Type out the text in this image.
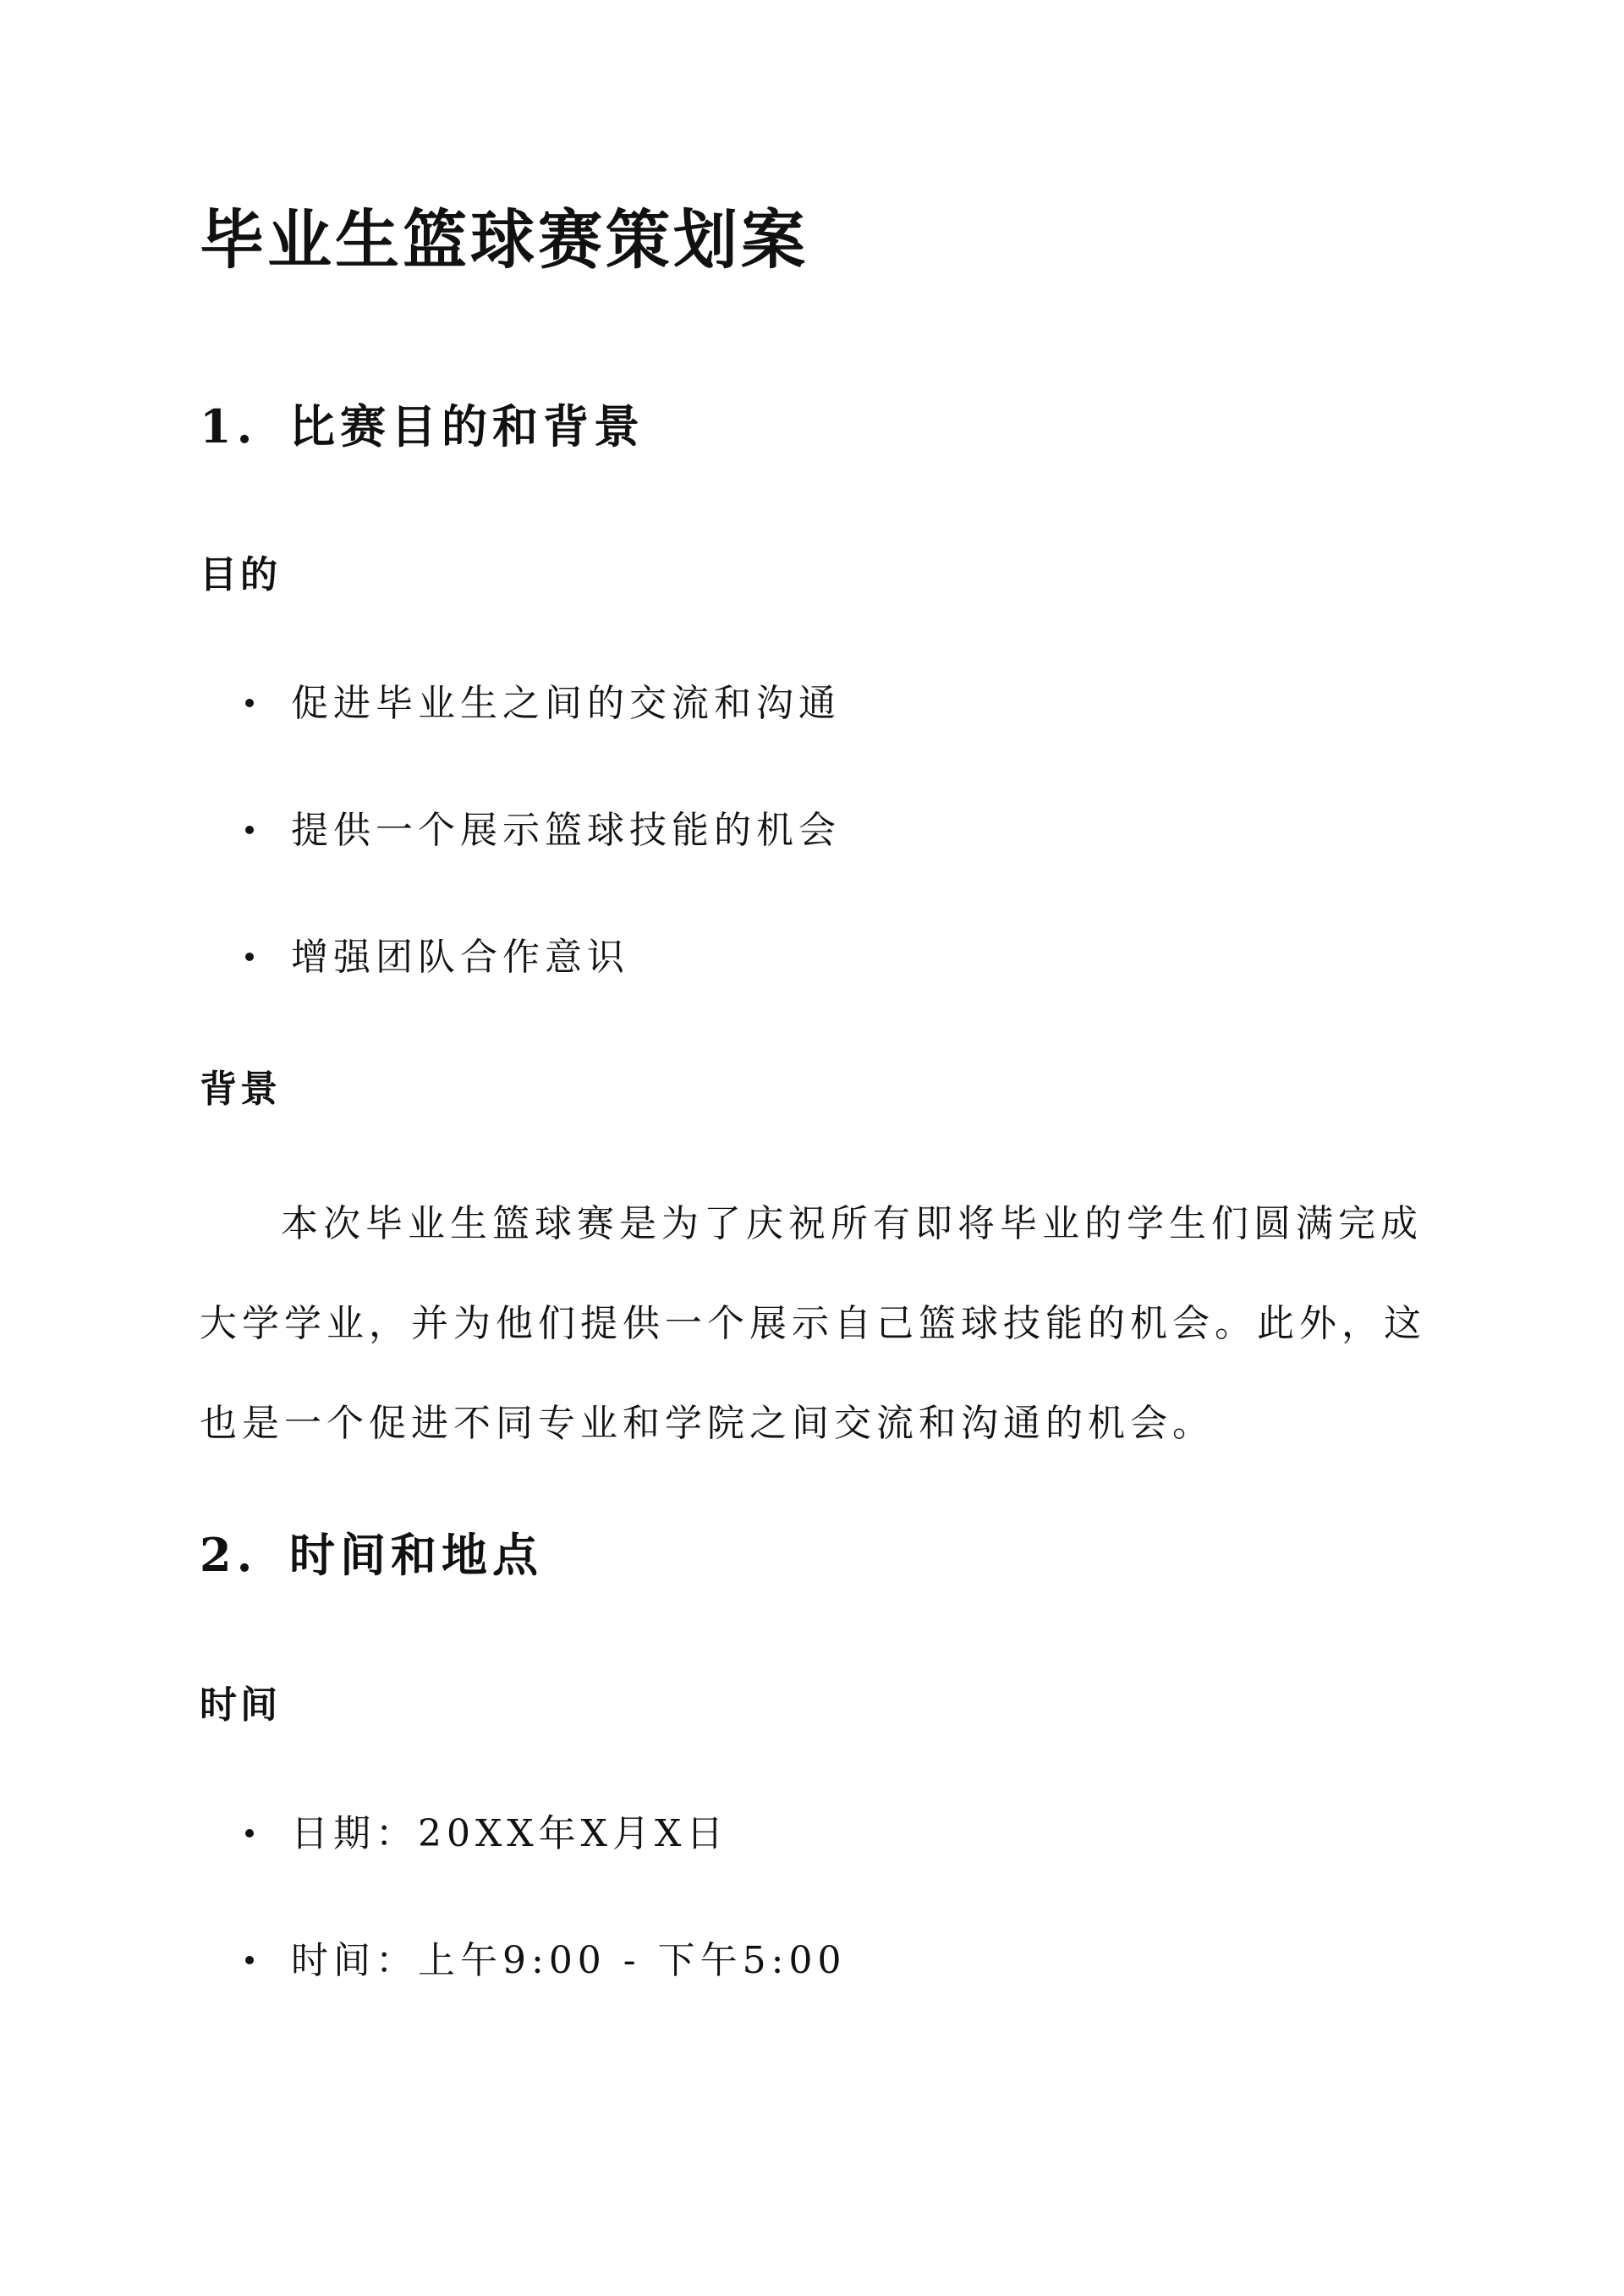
毕业生篮球赛策划案
1. 比赛目的和背景
目的
促进毕业生之间的交流和沟通
提供一个展示篮球技能的机会
增强团队合作意识
背景

本次毕业生篮球赛是为了庆祝所有即将毕业的学生们圆满完成大学学业，并为他们提供一个展示自己篮球技能的机会。此外，这也是一个促进不同专业和学院之间交流和沟通的机会。

2. 时间和地点
时间
日期：20XX年X月X日
时间：上午9:00 - 下午5:00
